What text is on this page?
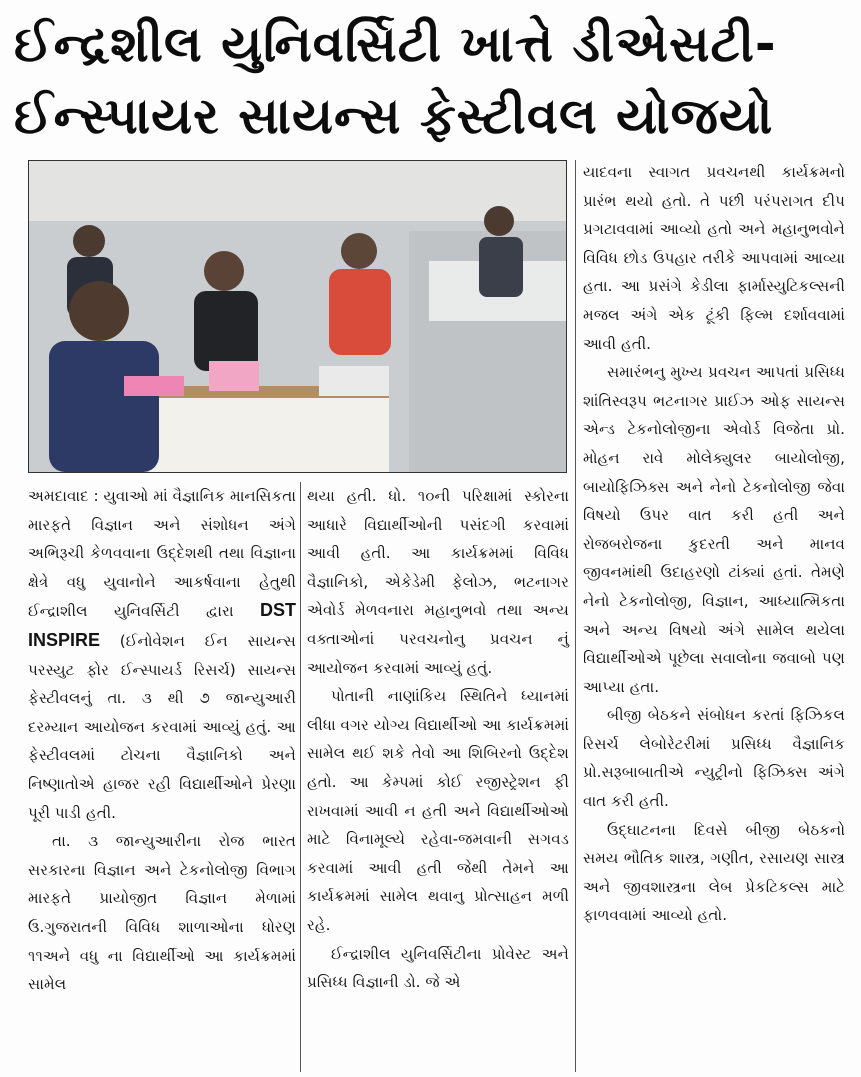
ઈન્દ્રશીલ યુનિવર્સિટી ખાત્તે ડીએસટી-
ઈન્સ્પાયર સાયન્સ ફેસ્ટીવલ યોજયો

અમદાવાદ : યુવાઓ માં વૈજ્ઞાનિક માનસિકતા મારફતે વિજ્ઞાન અને સંશોધન અંગે અભિરૂચી કેળવવાના ઉદ્દેશથી તથા વિજ્ઞાના ક્ષેત્રે વધુ યુવાનોને આકર્ષવાના હેતુથી ઈન્દ્રાશીલ યુનિવર્સિટી દ્વારા DST INSPIRE (ઈનોવેશન ઈન સાયન્સ પરસ્યુટ ફોર ઈન્સ્પાયર્ડ રિસર્ચ) સાયન્સ ફેસ્ટીવલનું તા. ૩ થી ૭ જાન્યુઆરી દરમ્યાન આયોજન કરવામાં આવ્યું હતું. આ ફેસ્ટીવલમાં ટોચના વૈજ્ઞાનિકો અને નિષ્ણાતોએ હાજર રહી વિદ્યાર્થીઓને પ્રેરણા પૂરી પાડી હતી.

તા. ૩ જાન્યુઆરીના રોજ ભારત સરકારના વિજ્ઞાન અને ટેકનોલોજી વિભાગ મારફતે પ્રાયોજીત વિજ્ઞાન મેળામાં ઉ.ગુજરાતની વિવિધ શાળાઓના ધોરણ ૧૧અને વધુ ના વિદ્યાર્થીઓ આ કાર્યક્રમમાં સામેલ

થયા હતી. ધો. ૧૦ની પરિક્ષામાં સ્કોરના આધારે વિદ્યાર્થીઓની પસંદગી કરવામાં આવી હતી. આ કાર્યક્રમમાં વિવિધ વૈજ્ઞાનિકો, એકેડેમી ફેલોઝ, ભટનાગર એવોર્ડ મેળવનારા મહાનુભવો તથા અન્ય વક્તાઓનાં પરવચનોનુ પ્રવચન નું આયોજન કરવામાં આવ્યું હતું.

પોતાની નાણાંકિય સ્થિતિને ધ્યાનમાં લીધા વગર યોગ્ય વિદ્યાર્થીઓ આ કાર્યક્રમમાં સામેલ થઈ શકે તેવો આ શિબિરનો ઉદ્દેશ હતો. આ કેમ્પમાં કોઈ રજીસ્ટ્રેશન ફી રાખવામાં આવી ન હતી અને વિદ્યાર્થીઓઓ માટે વિનામૂલ્યે રહેવા-જમવાની સગવડ કરવામાં આવી હતી જેથી તેમને આ કાર્યક્રમમાં સામેલ થવાનુ પ્રોત્સાહન મળી રહે.

ઈન્દ્રાશીલ યુનિવર્સિટીના પ્રોવેસ્ટ અને પ્રસિધ્ધ વિજ્ઞાની ડો. જે એ

યાદવના સ્વાગત પ્રવચનથી કાર્યક્રમનો પ્રારંભ થયો હતો. તે પછી પરંપરાગત દીપ પ્રગટાવવામાં આવ્યો હતો અને મહાનુભવોને વિવિધ છોડ ઉપહાર તરીકે આપવામાં આવ્યા હતા. આ પ્રસંગે કેડીલા ફાર્માસ્યુટિકલ્સની મજલ અંગે એક ટૂંકી ફિલ્મ દર્શાવવામાં આવી હતી.

સમારંભનુ મુખ્ય પ્રવચન આપતાં પ્રસિધ્ધ શાંતિસ્વરૂપ ભટનાગર પ્રાઈઝ ઓફ સાયન્સ એન્ડ ટેકનોલોજીના એવોર્ડ વિજેતા પ્રો. મોહન રાવે મોલેક્યુલર બાયોલોજી, બાયોફિઝિક્સ અને નેનો ટેકનોલોજી જેવા વિષયો ઉપર વાત કરી હતી અને રોજબરોજના કુદરતી અને માનવ જીવનમાંથી ઉદાહરણો ટાંક્યાં હતાં. તેમણે નેનો ટેકનોલોજી, વિજ્ઞાન, આધ્યાત્મિકતા અને અન્ય વિષયો અંગે સામેલ થયેલા વિદ્યાર્થીઓએ પૂછેલા સવાલોના જવાબો પણ આપ્યા હતા.

બીજી બેઠકને સંબોધન કરતાં ફિઝિકલ રિસર્ચ લેબોરેટરીમાં પ્રસિધ્ધ વૈજ્ઞાનિક પ્રો.સરૂબાબાતીએ ન્યુટ્રીનો ફિઝિક્સ અંગે વાત કરી હતી.

ઉદ્ઘાટનના દિવસે બીજી બેઠકનો સમય ભૌતિક શાસ્ત્ર, ગણીત, રસાયણ સાસ્ત્ર અને જીવશાસ્ત્રના લેબ પ્રેકટિકલ્સ માટે ફાળવવામાં આવ્યો હતો.
